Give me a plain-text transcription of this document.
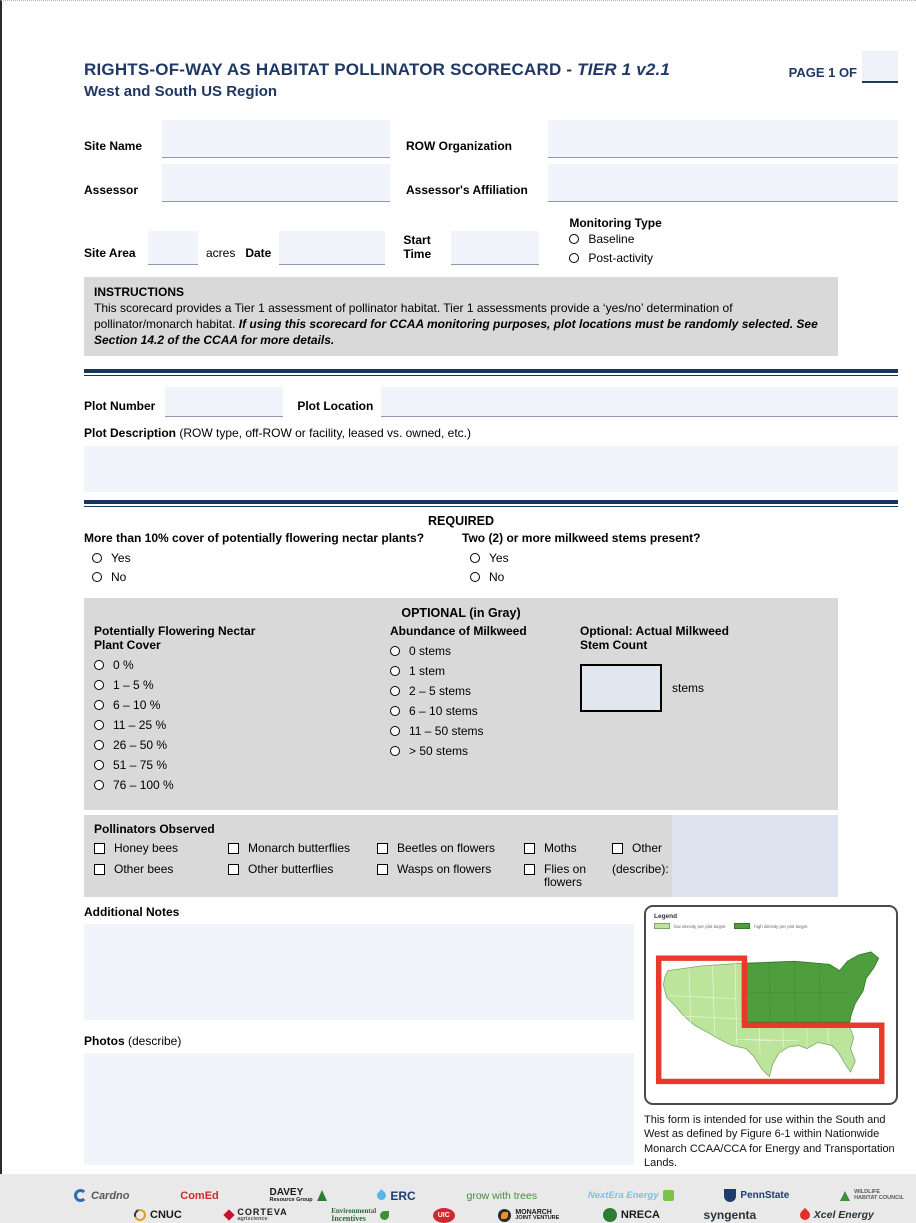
RIGHTS-OF-WAY AS HABITAT POLLINATOR SCORECARD - TIER 1 v2.1	PAGE 1 OF
West and South US Region
Site Name	ROW Organization
Assessor	Assessor's Affiliation
Site Area	acres Date
Start Time
Monitoring Type
Baseline
Post-activity
INSTRUCTIONS
This scorecard provides a Tier 1 assessment of pollinator habitat. Tier 1 assessments provide a ‘yes/no’ determination of pollinator/monarch habitat. If using this scorecard for CCAA monitoring purposes, plot locations must be randomly selected. See Section 14.2 of the CCAA for more details.
Plot Number	Plot Location
Plot Description (ROW type, off-ROW or facility, leased vs. owned, etc.)
REQUIRED
More than 10% cover of potentially flowering nectar plants?
Yes
No
Two (2) or more milkweed stems present?
Yes
No
OPTIONAL (in Gray)
Potentially Flowering Nectar Plant Cover
0 %
1 – 5 %
6 – 10 %
11 – 25 %
26 – 50 %
51 – 75 %
76 – 100 %
Abundance of Milkweed
0 stems
1 stem
2 – 5 stems
6 – 10 stems
11 – 50 stems
> 50 stems
Optional: Actual Milkweed Stem Count
stems
Pollinators Observed
Honey bees
Other bees
Monarch butterflies
Other butterflies
Beetles on flowers
Wasps on flowers
Moths
Flies on flowers
Other
(describe):
Additional Notes
Photos (describe)
Legend
low density per plot target	high density per plot target
This form is intended for use within the South and West as defined by Figure 6-1 within Nationwide Monarch CCAA/CCA for Energy and Transportation Lands.
Cardno	ComEd	DAVEY
Resource Group	ERC	grow with trees	NextEra Energy	PennState	WILDLIFE
HABITAT COUNCIL
CNUC	CORTEVA
agriscience
Environmental
Incentives	UIC	MONARCH
JOINT VENTURE	NRECA	syngenta	Xcel Energy
